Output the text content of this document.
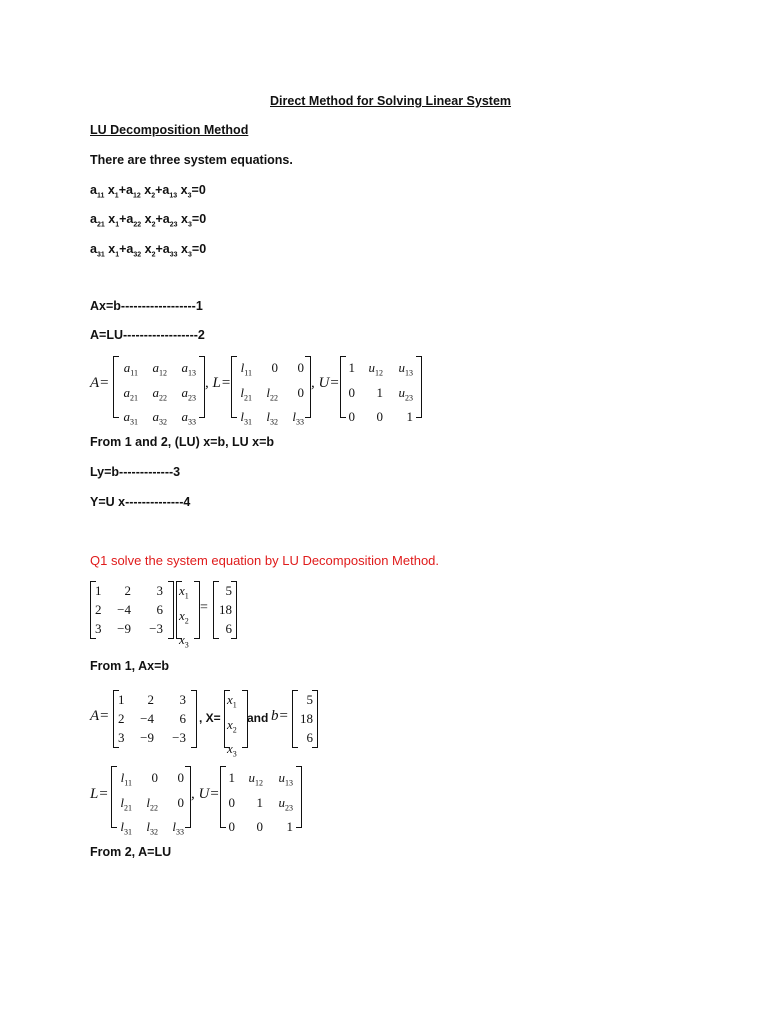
Direct Method for Solving Linear System
LU Decomposition Method
There are three system equations.
$a_{11}$ $x_1+a_{12}$ $x_2+a_{13}$ $x_3=0$
$a_{21}$ $x_1+a_{22}$ $x_2+a_{23}$ $x_3=0$
$a_{31}$ $x_1+a_{32}$ $x_2+a_{33}$ $x_3=0$
Ax=b------------------1
A=LU------------------2
A=
$a_{11}$	$a_{12}$	$a_{13}$
$a_{21}$	$a_{22}$	$a_{23}$
$a_{31}$	$a_{32}$	$a_{33}$
, L=
$l_{11}$	0	0
$l_{21}$	$l_{22}$	0
$l_{31}$	$l_{32}$	$l_{33}$
, U=
1	$u_{12}$	$u_{13}$
0	1	$u_{23}$
0	0	1
From 1 and 2, (LU) x=b, LU x=b
Ly=b-------------3
Y=U x--------------4
Q1 solve the system equation by LU Decomposition Method.
1	2	3
2	−4	6
3	−9	−3
$x_1$
$x_2$
$x_3$
=
5
18
6
From 1, Ax=b
A=
1	2	3
2	−4	6
3	−9	−3
, X=
$x_1$
$x_2$
$x_3$
and b=
5
18
6
L=
$l_{11}$	0	0
$l_{21}$	$l_{22}$	0
$l_{31}$	$l_{32}$	$l_{33}$
, U=
1	$u_{12}$	$u_{13}$
0	1	$u_{23}$
0	0	1
From 2, A=LU
